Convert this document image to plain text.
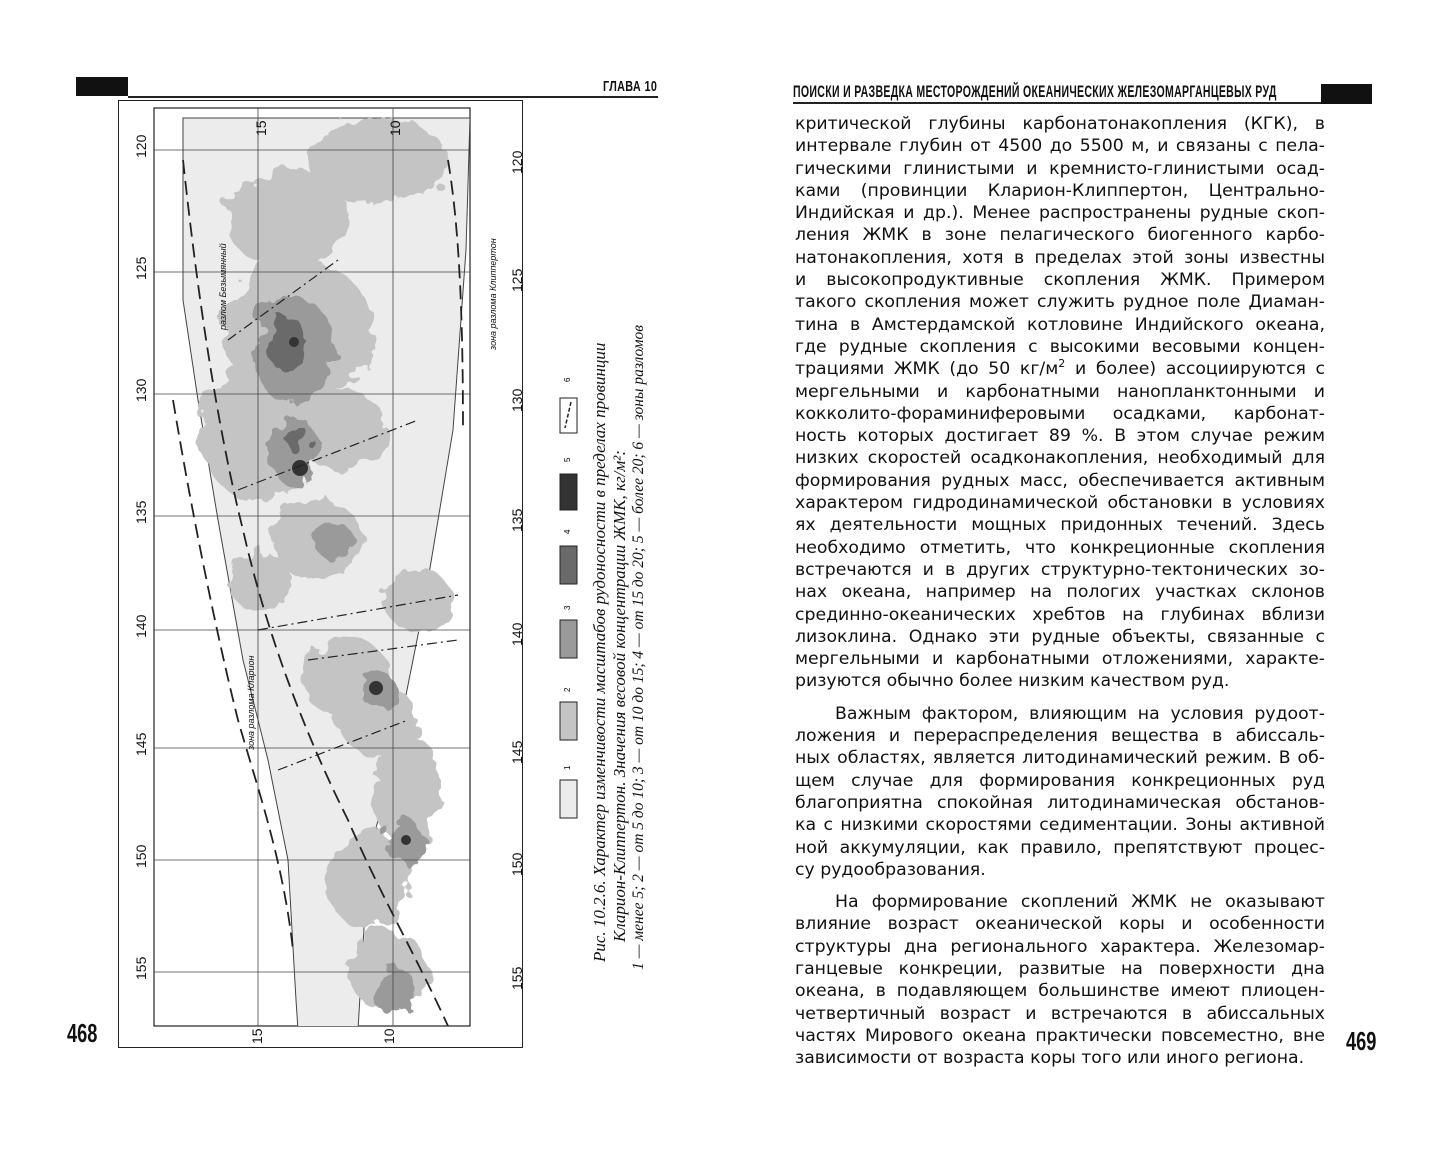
ГЛАВА 10
468
120
125
130
135
140
145
150
155
120
125
130
135
140
145
150
155
15	10
15	10
разлом Безымянный	зона разлома Клиппертон
зона разлома Кларион
6
5
4
3
2
1 Рис. 10.2.6. Характер изменчивости масштабов рудоносности в пределах провинции Кларион-Клиппертон. Значения весовой концентрации ЖМК, кг/м²: 1 — менее 5; 2 — от 5 до 10; 3 — от 10 до 15; 4 — от 15 до 20; 5 — более 20; 6 — зоны разломов
ПОИСКИ И РАЗВЕДКА МЕСТОРОЖДЕНИЙ ОКЕАНИЧЕСКИХ ЖЕЛЕЗОМАРГАНЦЕВЫХ РУД
469
критической глубины карбонатонакопления (КГК), в
интервале глубин от 4500 до 5500 м, и связаны с пела-
гическими глинистыми и кремнисто-глинистыми осад-
ками (провинции Кларион-Клиппертон, Центрально-
Индийская и др.). Менее распространены рудные скоп-
ления ЖМК в зоне пелагического биогенного карбо-
натонакопления, хотя в пределах этой зоны известны
и высокопродуктивные скопления ЖМК. Примером
такого скопления может служить рудное поле Диаман-
тина в Амстердамской котловине Индийского океана,
где рудные скопления с высокими весовыми концен-
трациями ЖМК (до 50 $кг/м^2$ и более) ассоциируются с
мергельными и карбонатными нанопланктонными и
кокколито-фораминиферовыми осадками, карбонат-
ность которых достигает 89 %. В этом случае режим
низких скоростей осадконакопления, необходимый для
формирования рудных масс, обеспечивается активным
характером гидродинамической обстановки в условиях
ях деятельности мощных придонных течений. Здесь
необходимо отметить, что конкреционные скопления
встречаются и в других структурно-тектонических зо-
нах океана, например на пологих участках склонов
срединно-океанических хребтов на глубинах вблизи
лизоклина. Однако эти рудные объекты, связанные с
мергельными и карбонатными отложениями, характе-
ризуются обычно более низким качеством руд.
Важным фактором, влияющим на условия рудоот-
ложения и перераспределения вещества в абиссаль-
ных областях, является литодинамический режим. В об-
щем случае для формирования конкреционных руд
благоприятна спокойная литодинамическая обстанов-
ка с низкими скоростями седиментации. Зоны активной
ной аккумуляции, как правило, препятствуют процес-
су рудообразования.
На формирование скоплений ЖМК не оказывают
влияние возраст океанической коры и особенности
структуры дна регионального характера. Железомар-
ганцевые конкреции, развитые на поверхности дна
океана, в подавляющем большинстве имеют плиоцен-
четвертичный возраст и встречаются в абиссальных
частях Мирового океана практически повсеместно, вне
зависимости от возраста коры того или иного региона.
